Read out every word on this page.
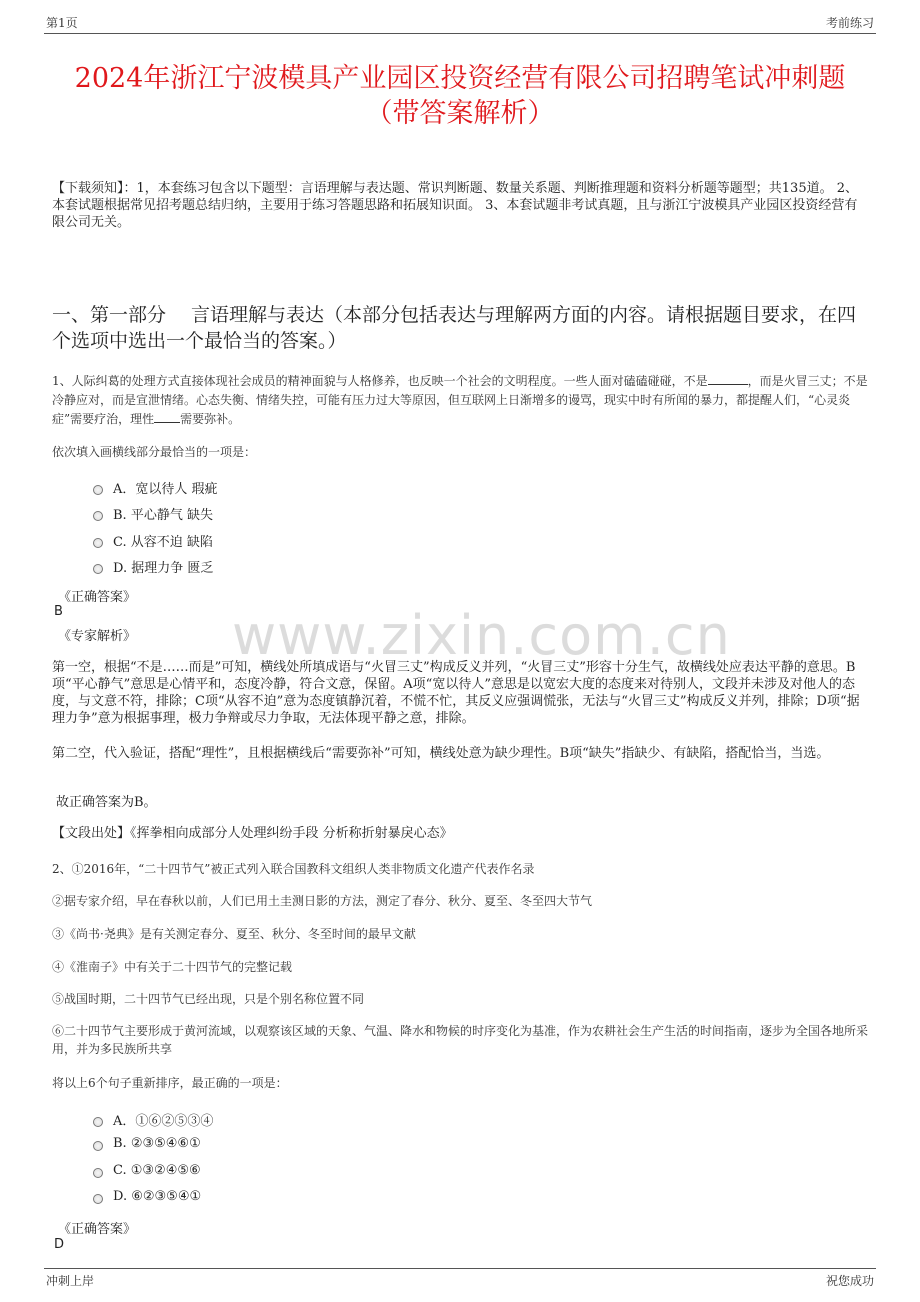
第1页	考前练习
2024年浙江宁波模具产业园区投资经营有限公司招聘笔试冲刺题（带答案解析）
【下载须知】：1，本套练习包含以下题型：言语理解与表达题、常识判断题、数量关系题、判断推理题和资料分析题等题型；共135道。 2、本套试题根据常见招考题总结归纳，主要用于练习答题思路和拓展知识面。 3、本套试题非考试真题，且与浙江宁波模具产业园区投资经营有限公司无关。
一、第一部分　 言语理解与表达（本部分包括表达与理解两方面的内容。请根据题目要求，在四个选项中选出一个最恰当的答案。）
1、人际纠葛的处理方式直接体现社会成员的精神面貌与人格修养，也反映一个社会的文明程度。一些人面对磕磕碰碰，不是	，而是火冒三丈；不是冷静应对，而是宣泄情绪。心态失衡、情绪失控，可能有压力过大等原因，但互联网上日渐增多的谩骂，现实中时有所闻的暴力，都提醒人们，“心灵炎症”需要疗治，理性 需要弥补。
依次填入画横线部分最恰当的一项是：
A．宽以待人 瑕疵
B. 平心静气 缺失
C. 从容不迫 缺陷
D. 据理力争 匮乏
《正确答案》
B
《专家解析》 www.zixin.com.cn
第一空，根据“不是……而是”可知，横线处所填成语与“火冒三丈”构成反义并列，“火冒三丈”形容十分生气，故横线处应表达平静的意思。B项“平心静气”意思是心情平和，态度冷静，符合文意，保留。A项“宽以待人”意思是以宽宏大度的态度来对待别人，文段并未涉及对他人的态度，与文意不符，排除；C项“从容不迫”意为态度镇静沉着，不慌不忙，其反义应强调慌张，无法与“火冒三丈”构成反义并列，排除；D项“据理力争”意为根据事理，极力争辩或尽力争取，无法体现平静之意，排除。
第二空，代入验证，搭配“理性”，且根据横线后“需要弥补”可知，横线处意为缺少理性。B项“缺失”指缺少、有缺陷，搭配恰当，当选。
故正确答案为B。
【文段出处】《挥拳相向成部分人处理纠纷手段 分析称折射暴戾心态》
2、①2016年，“二十四节气”被正式列入联合国教科文组织人类非物质文化遗产代表作名录
②据专家介绍，早在春秋以前，人们已用土圭测日影的方法，测定了春分、秋分、夏至、冬至四大节气
③《尚书·尧典》是有关测定春分、夏至、秋分、冬至时间的最早文献
④《淮南子》中有关于二十四节气的完整记载
⑤战国时期，二十四节气已经出现，只是个别名称位置不同
⑥二十四节气主要形成于黄河流域，以观察该区域的天象、气温、降水和物候的时序变化为基准，作为农耕社会生产生活的时间指南，逐步为全国各地所采用，并为多民族所共享
将以上6个句子重新排序，最正确的一项是：
A．①⑥②⑤③④
B. ②③⑤④⑥①
C. ①③②④⑤⑥
D. ⑥②③⑤④①
《正确答案》
D
冲刺上岸	祝您成功
